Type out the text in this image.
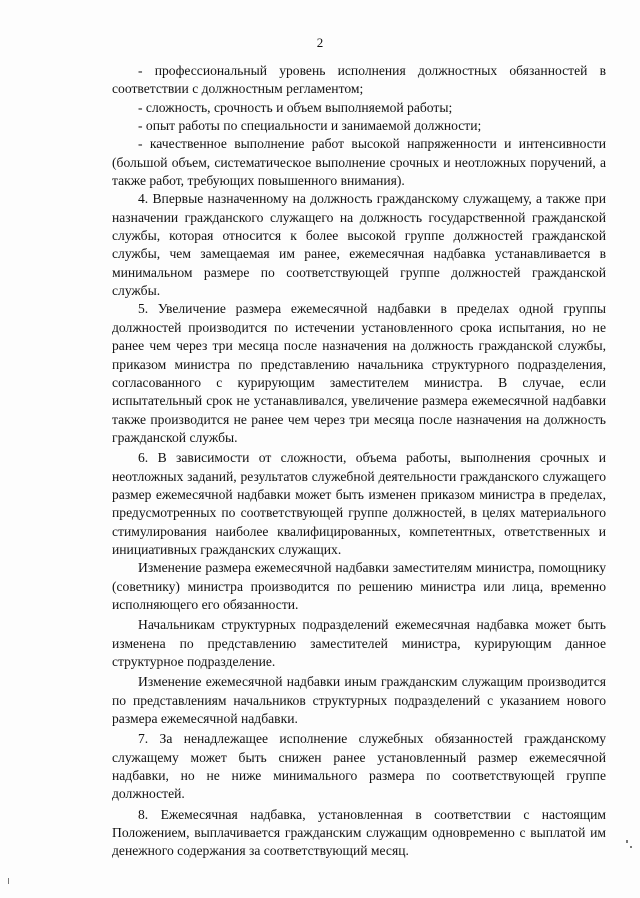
2

- профессиональный уровень исполнения должностных обязанностей в соответствии с должностным регламентом;

- сложность, срочность и объем выполняемой работы;

- опыт работы по специальности и занимаемой должности;

- качественное выполнение работ высокой напряженности и интенсивности (большой объем, систематическое выполнение срочных и неотложных поручений, а также работ, требующих повышенного внимания).

4. Впервые назначенному на должность гражданскому служащему, а также при назначении гражданского служащего на должность государственной гражданской службы, которая относится к более высокой группе должностей гражданской службы, чем замещаемая им ранее, ежемесячная надбавка устанавливается в минимальном размере по соответствующей группе должностей гражданской службы.

5. Увеличение размера ежемесячной надбавки в пределах одной группы должностей производится по истечении установленного срока испытания, но не ранее чем через три месяца после назначения на должность гражданской службы, приказом министра по представлению начальника структурного подразделения, согласованного с курирующим заместителем министра. В случае, если испытательный срок не устанавливался, увеличение размера ежемесячной надбавки также производится не ранее чем через три месяца после назначения на должность гражданской службы.

6. В зависимости от сложности, объема работы, выполнения срочных и неотложных заданий, результатов служебной деятельности гражданского служащего размер ежемесячной надбавки может быть изменен приказом министра в пределах, предусмотренных по соответствующей группе должностей, в целях материального стимулирования наиболее квалифицированных, компетентных, ответственных и инициативных гражданских служащих.

Изменение размера ежемесячной надбавки заместителям министра, помощнику (советнику) министра производится по решению министра или лица, временно исполняющего его обязанности.

Начальникам структурных подразделений ежемесячная надбавка может быть изменена по представлению заместителей министра, курирующим данное структурное подразделение.

Изменение ежемесячной надбавки иным гражданским служащим производится по представлениям начальников структурных подразделений с указанием нового размера ежемесячной надбавки.

7. За ненадлежащее исполнение служебных обязанностей гражданскому служащему может быть снижен ранее установленный размер ежемесячной надбавки, но не ниже минимального размера по соответствующей группе должностей.

8. Ежемесячная надбавка, установленная в соответствии с настоящим Положением, выплачивается гражданским служащим одновременно с выплатой им денежного содержания за соответствующий месяц.
